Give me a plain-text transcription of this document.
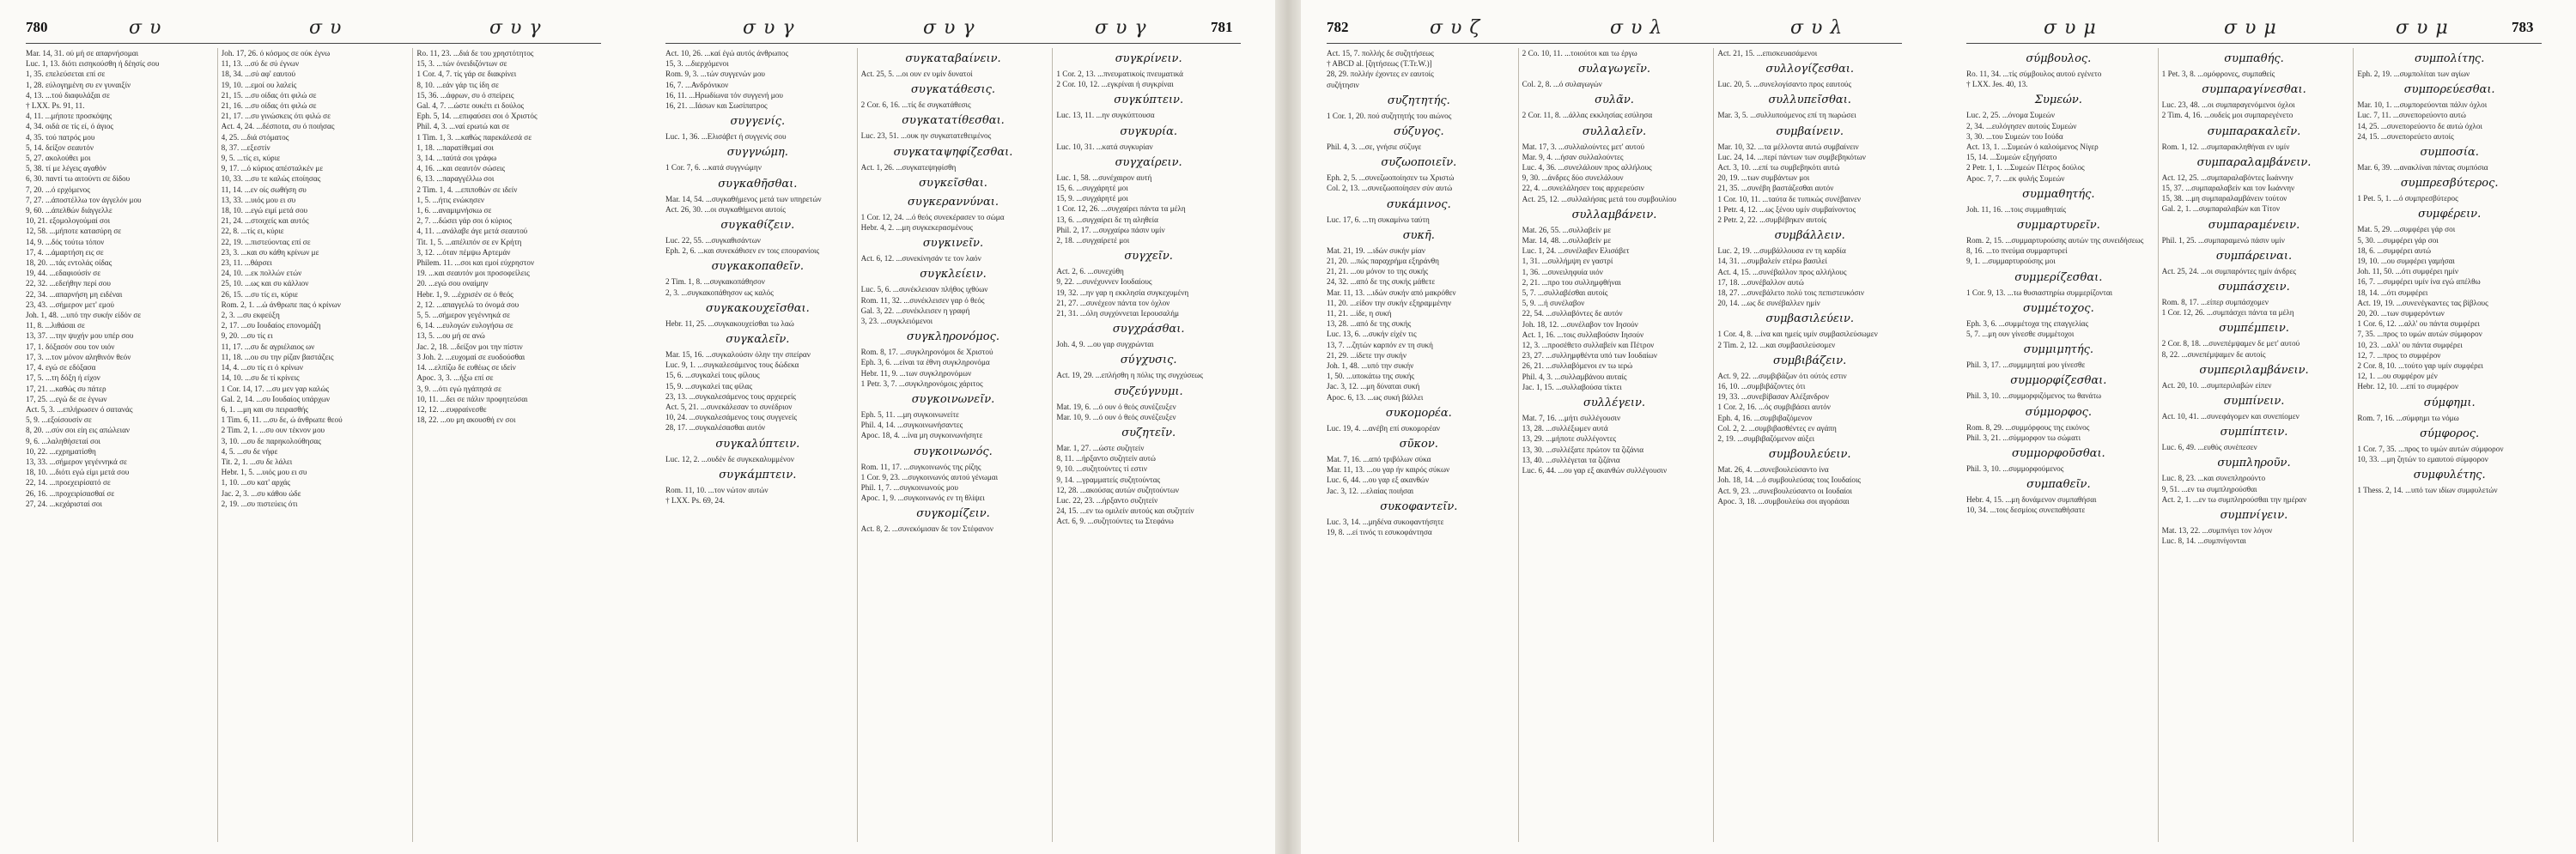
780	σ υ	σ υ	σ υ γ
Mar. 14, 31. ού μή σε απαρνήσομαι
Luc. 1, 13. διότι εισηκούσθη ή δέησίς σου
1, 35. επελεύσεται επί σε
1, 28. εύλογημένη συ εν γυναιξίν
4, 13. ...τού διαφυλάξαι σε
† LXX. Ps. 91, 11.
4, 11. ...μήποτε προσκόψης
4, 34. οιδά σε τίς εί, ό άγιος
4, 35. τού πατρός μου
5, 14. δείξον σεαυτόν
5, 27. ακολούθει μοι
5, 38. τί με λέγεις αγαθόν
6, 30. παντί τω αιτούντι σε δίδου
7, 20. ...ό ερχόμενος
7, 27. ...άποστέλλω τον άγγελόν μου
9, 60. ...άπελθών διάγγελλε
10, 21. εξομολογούμαί σοι
12, 58. ...μήποτε κατασύρη σε
14, 9. ...δός τούτω τόπον
17, 4. ...άμαρτήση εις σε
18, 20. ...τάς εντολάς οίδας
19, 44. ...εδαφιούσίν σε
22, 32. ...εδεήθην περί σου
22, 34. ...απαρνήση μη ειδέναι
23, 43. ...σήμερον μετ' εμού
Joh. 1, 48. ...υπό την συκήν είδόν σε
11, 8. ...λιθάσαι σε
13, 37. ...την ψυχήν μου υπέρ σου
17, 1. δόξασόν σου τον υιόν
17, 3. ...τον μόνον αληθινόν θεόν
17, 4. εγώ σε εδόξασα
17, 5. ...τη δόξη ή είχον
17, 21. ...καθώς συ πάτερ
17, 25. ...εγώ δε σε έγνων
Act. 5, 3. ...επλήρωσεν ό σατανάς
5, 9. ...εξοίσουσίν σε
8, 20. ...σύν σοι είη εις απώλειαν
9, 6. ...λαληθήσεταί σοι
10, 22. ...εχρηματίσθη
13, 33. ...σήμερον γεγέννηκά σε
18, 10. ...διότι εγώ είμι μετά σου
22, 14. ...προεχειρίσατό σε
26, 16. ...προχειρίσασθαί σε
27, 24. ...κεχάρισταί σοι
Joh. 17, 26. ό κόσμος σε ούκ έγνω
11, 13. ...σύ δε σύ έγνων
18, 34. ...σύ αφ' εαυτού
19, 10. ...εμοί ου λαλείς
21, 15. ...συ οίδας ότι φιλώ σε
21, 16. ...συ οίδας ότι φιλώ σε
21, 17. ...συ γινώσκεις ότι φιλώ σε
Act. 4, 24. ...δέσποτα, συ ό ποιήσας
4, 25. ...διά στόματος
8, 37. ...εξεστίν
9, 5. ...τίς ει, κύριε
9, 17. ...ό κύριος απέσταλκέν με
10, 33. ...συ τε καλώς εποίησας
11, 14. ...εν οίς σωθήση συ
13, 33. ...υιός μου ει συ
18, 10. ...εγώ ειμί μετά σου
21, 24. ...στοιχείς και αυτός
22, 8. ...τίς ει, κύριε
22, 19. ...πιστεύοντας επί σε
23, 3. ...και συ κάθη κρίνων με
23, 11. ...θάρσει
24, 10. ...εκ πολλών ετών
25, 10. ...ως και συ κάλλιον
26, 15. ...συ τίς ει, κύριε
Rom. 2, 1. ...ώ άνθρωπε πας ό κρίνων
2, 3. ...συ εκφεύξη
2, 17. ...συ Ιουδαίος επονομάζη
9, 20. ...συ τίς ει
11, 17. ...συ δε αγριέλαιος ων
11, 18. ...ου συ την ρίζαν βαστάζεις
14, 4. ...συ τίς ει ό κρίνων
14, 10. ...συ δε τί κρίνεις
1 Cor. 14, 17. ...συ μεν γαρ καλώς
Gal. 2, 14. ...συ Ιουδαίος υπάρχων
6, 1. ...μη και συ πειρασθής
1 Tim. 6, 11. ...συ δε, ώ άνθρωπε θεού
2 Tim. 2, 1. ...συ ουν τέκνον μου
3, 10. ...συ δε παρηκολούθησας
4, 5. ...συ δε νήφε
Tit. 2, 1. ...συ δε λάλει
Hebr. 1, 5. ...υιός μου ει συ
1, 10. ...συ κατ' αρχάς
Jac. 2, 3. ...συ κάθου ώδε
2, 19. ...συ πιστεύεις ότι
Ro. 11, 23. ...διά δε του χρηστότητος
15, 3. ...τών όνειδιζόντων σε
1 Cor. 4, 7. τίς γάρ σε διακρίνει
8, 10. ...εάν γάρ τις ίδη σε
15, 36. ...άφρων, συ ό σπείρεις
Gal. 4, 7. ...ώστε ουκέτι ει δούλος
Eph. 5, 14. ...επιφαύσει σοι ό Χριστός
Phil. 4, 3. ...ναί ερωτώ και σε
1 Tim. 1, 3. ...καθώς παρεκάλεσά σε
1, 18. ...παρατίθεμαί σοι
3, 14. ...ταύτά σοι γράφω
4, 16. ...και σεαυτόν σώσεις
6, 13. ...παραγγέλλω σοι
2 Tim. 1, 4. ...επιποθών σε ιδείν
1, 5. ...ήτις ενώκησεν
1, 6. ...αναμιμνήσκω σε
2, 7. ...δώσει γάρ σοι ό κύριος
4, 11. ...ανάλαβε άγε μετά σεαυτού
Tit. 1, 5. ...απέλιπόν σε εν Κρήτη
3, 12. ...όταν πέμψω Αρτεμάν
Philem. 11. ...σοι και εμοί εύχρηστον
19. ...και σεαυτόν μοι προσοφείλεις
20. ...εγώ σου οναίμην
Hebr. 1, 9. ...έχρισέν σε ό θεός
2, 12. ...απαγγελώ το όνομά σου
5, 5. ...σήμερον γεγέννηκά σε
6, 14. ...ευλογών ευλογήσω σε
13, 5. ...ου μή σε ανώ
Jac. 2, 18. ...δείξον μοι την πίστιν
3 Joh. 2. ...ευχομαί σε ευοδούσθαι
14. ...ελπίζω δε ευθέως σε ιδείν
Apoc. 3, 3. ...ήξω επί σε
3, 9. ...ότι εγώ ηγάπησά σε
10, 11. ...δει σε πάλιν προφητεύσαι
12, 12. ...ευφραίνεσθε
18, 22. ...ου μη ακουσθή εν σοι
σ υ γ	σ υ γ	σ υ γ	781
Act. 10, 26. ...καί έγώ αυτός άνθρωπος
15, 3. ...διερχόμενοι
Rom. 9, 3. ...τών συγγενών μου
16, 7. ...Ανδρόνικον
16, 11. ...Ηρωδίωνα τόν συγγενή μου
16, 21. ...Ιάσων και Σωσίπατρος
συγγενίς.
Luc. 1, 36. ...Ελισάβετ ή συγγενίς σου
συγγνώμη.
1 Cor. 7, 6. ...κατά συγγνώμην
συγκαθῆσθαι.
Mar. 14, 54. ...συγκαθήμενος μετά των υπηρετών
Act. 26, 30. ...οι συγκαθήμενοι αυτοίς
συγκαθίζειν.
Luc. 22, 55. ...συγκαθισάντων
Eph. 2, 6. ...και συνεκάθισεν εν τοις επουρανίοις
συγκακοπαθεῖν.
2 Tim. 1, 8. ...συγκακοπάθησον
2, 3. ...συγκακοπάθησον ως καλός
συγκακουχεῖσθαι.
Hebr. 11, 25. ...συγκακουχείσθαι τω λαώ
συγκαλεῖν.
Mar. 15, 16. ...συγκαλούσιν όλην την σπείραν
Luc. 9, 1. ...συγκαλεσάμενος τους δώδεκα
15, 6. ...συγκαλεί τους φίλους
15, 9. ...συγκαλεί τας φίλας
23, 13. ...συγκαλεσάμενος τους αρχιερείς
Act. 5, 21. ...συνεκάλεσαν το συνέδριον
10, 24. ...συγκαλεσάμενος τους συγγενείς
28, 17. ...συγκαλέσασθαι αυτόν
συγκαλύπτειν.
Luc. 12, 2. ...ουδέν δε συγκεκαλυμμένον
συγκάμπτειν.
Rom. 11, 10. ...τον νώτον αυτών
† LXX. Ps. 69, 24.
συγκαταβαίνειν.
Act. 25, 5. ...οι ουν εν υμίν δυνατοί
συγκατάθεσις.
2 Cor. 6, 16. ...τίς δε συγκατάθεσις
συγκατατίθεσθαι.
Luc. 23, 51. ...ουκ ην συγκατατεθειμένος
συγκαταψηφίζεσθαι.
Act. 1, 26. ...συγκατεψηφίσθη
συγκεῖσθαι.
συγκεραννύναι.
1 Cor. 12, 24. ...ό θεός συνεκέρασεν το σώμα
Hebr. 4, 2. ...μη συγκεκερασμένους
συγκινεῖν.
Act. 6, 12. ...συνεκίνησάν τε τον λαόν
συγκλείειν.
Luc. 5, 6. ...συνέκλεισαν πλήθος ιχθύων
Rom. 11, 32. ...συνέκλεισεν γαρ ό θεός
Gal. 3, 22. ...συνέκλεισεν η γραφή
3, 23. ...συγκλειόμενοι
συγκληρονόμος.
Rom. 8, 17. ...συγκληρονόμοι δε Χριστού
Eph. 3, 6. ...είναι τα έθνη συγκληρονόμα
Hebr. 11, 9. ...των συγκληρονόμων
1 Petr. 3, 7. ...συγκληρονόμοις χάριτος
συγκοινωνεῖν.
Eph. 5, 11. ...μη συγκοινωνείτε
Phil. 4, 14. ...συγκοινωνήσαντες
Apoc. 18, 4. ...ίνα μη συγκοινωνήσητε
συγκοινωνός.
Rom. 11, 17. ...συγκοινωνός της ρίζης
1 Cor. 9, 23. ...συγκοινωνός αυτού γένωμαι
Phil. 1, 7. ...συγκοινωνούς μου
Apoc. 1, 9. ...συγκοινωνός εν τη θλίψει
συγκομίζειν.
Act. 8, 2. ...συνεκόμισαν δε τον Στέφανον
συγκρίνειν.
1 Cor. 2, 13. ...πνευματικοίς πνευματικά
2 Cor. 10, 12. ...εγκρίναι ή συγκρίναι
συγκύπτειν.
Luc. 13, 11. ...ην συγκύπτουσα
συγκυρία.
Luc. 10, 31. ...κατά συγκυρίαν
συγχαίρειν.
Luc. 1, 58. ...συνέχαιρον αυτή
15, 6. ...συγχάρητέ μοι
15, 9. ...συγχάρητέ μοι
1 Cor. 12, 26. ...συγχαίρει πάντα τα μέλη
13, 6. ...συγχαίρει δε τη αληθεία
Phil. 2, 17. ...συγχαίρω πάσιν υμίν
2, 18. ...συγχαίρετέ μοι
συγχεῖν.
Act. 2, 6. ...συνεχύθη
9, 22. ...συνέχυννεν Ιουδαίους
19, 32. ...ην γαρ η εκκλησία συγκεχυμένη
21, 27. ...συνέχεον πάντα τον όχλον
21, 31. ...όλη συγχύννεται Ιερουσαλήμ
συγχράσθαι.
Joh. 4, 9. ...ου γαρ συγχρώνται
σύγχυσις.
Act. 19, 29. ...επλήσθη η πόλις της συγχύσεως
συζεύγνυμι.
Mat. 19, 6. ...ό ουν ό θεός συνέζευξεν
Mar. 10, 9. ...ό ουν ό θεός συνέζευξεν
συζητεῖν.
Mar. 1, 27. ...ώστε συζητείν
8, 11. ...ήρξαντο συζητείν αυτώ
9, 10. ...συζητούντες τί εστιν
9, 14. ...γραμματείς συζητούντας
12, 28. ...ακούσας αυτών συζητούντων
Luc. 22, 23. ...ήρξαντο συζητείν
24, 15. ...εν τω ομιλείν αυτούς και συζητείν
Act. 6, 9. ...συζητούντες τω Στεφάνω
782	σ υ ζ	σ υ λ	σ υ λ
Act. 15, 7. πολλής δε συζητήσεως
† ABCD al. [ζητήσεως (T.Tr.W.)]
28, 29. πολλήν έχοντες εν εαυτοίς
συζήτησιν
συζητητής.
1 Cor. 1, 20. πού συζητητής του αιώνος
σύζυγος.
Phil. 4, 3. ...σε, γνήσιε σύζυγε
συζωοποιεῖν.
Eph. 2, 5. ...συνεζωοποίησεν τω Χριστώ
Col. 2, 13. ...συνεζωοποίησεν σύν αυτώ
συκάμινος.
Luc. 17, 6. ...τη συκαμίνω ταύτη
συκῆ.
Mat. 21, 19. ...ιδών συκήν μίαν
21, 20. ...πώς παραχρήμα εξηράνθη
21, 21. ...ου μόνον το της συκής
24, 32. ...από δε της συκής μάθετε
Mar. 11, 13. ...ιδών συκήν από μακρόθεν
11, 20. ...είδον την συκήν εξηραμμένην
11, 21. ...ίδε, η συκή
13, 28. ...από δε της συκής
Luc. 13, 6. ...συκήν είχέν τις
13, 7. ...ζητών καρπόν εν τη συκή
21, 29. ...ίδετε την συκήν
Joh. 1, 48. ...υπό την συκήν
1, 50. ...υποκάτω της συκής
Jac. 3, 12. ...μη δύναται συκή
Apoc. 6, 13. ...ως συκή βάλλει
συκομορέα.
Luc. 19, 4. ...ανέβη επί συκομορέαν
σῦκον.
Mat. 7, 16. ...από τριβόλων σύκα
Mar. 11, 13. ...ου γαρ ήν καιρός σύκων
Luc. 6, 44. ...ου γαρ εξ ακανθών
Jac. 3, 12. ...ελαίας ποιήσαι
συκοφαντεῖν.
Luc. 3, 14. ...μηδένα συκοφαντήσητε
19, 8. ...εί τινός τι εσυκοφάντησα
2 Co. 10, 11. ...τοιούτοι και τω έργω
συλαγωγεῖν.
Col. 2, 8. ...ό συλαγωγών
συλᾶν.
2 Cor. 11, 8. ...άλλας εκκλησίας εσύλησα
συλλαλεῖν.
Mat. 17, 3. ...συλλαλούντες μετ' αυτού
Mar. 9, 4. ...ήσαν συλλαλούντες
Luc. 4, 36. ...συνελάλουν προς αλλήλους
9, 30. ...άνδρες δύο συνελάλουν
22, 4. ...συνελάλησεν τοις αρχιερεύσιν
Act. 25, 12. ...συλλαλήσας μετά του συμβουλίου
συλλαμβάνειν.
Mat. 26, 55. ...συλλαβείν με
Mar. 14, 48. ...συλλαβείν με
Luc. 1, 24. ...συνέλαβεν Ελισάβετ
1, 31. ...συλλήμψη εν γαστρί
1, 36. ...συνειληφυία υιόν
2, 21. ...προ του συλλημφθήναι
5, 7. ...συλλαβέσθαι αυτοίς
5, 9. ...ή συνέλαβον
22, 54. ...συλλαβόντες δε αυτόν
Joh. 18, 12. ...συνέλαβον τον Ιησούν
Act. 1, 16. ...τοις συλλαβούσιν Ιησούν
12, 3. ...προσέθετο συλλαβείν και Πέτρον
23, 27. ...συλλημφθέντα υπό των Ιουδαίων
26, 21. ...συλλαβόμενοι εν τω ιερώ
Phil. 4, 3. ...συλλαμβάνου αυταίς
Jac. 1, 15. ...συλλαβούσα τίκτει
συλλέγειν.
Mat. 7, 16. ...μήτι συλλέγουσιν
13, 28. ...συλλέξωμεν αυτά
13, 29. ...μήποτε συλλέγοντες
13, 30. ...συλλέξατε πρώτον τα ζιζάνια
13, 40. ...συλλέγεται τα ζιζάνια
Luc. 6, 44. ...ου γαρ εξ ακανθών συλλέγουσιν
Act. 21, 15. ...επισκευασάμενοι
συλλογίζεσθαι.
Luc. 20, 5. ...συνελογίσαντο προς εαυτούς
συλλυπεῖσθαι.
Mar. 3, 5. ...συλλυπούμενος επί τη πωρώσει
συμβαίνειν.
Mar. 10, 32. ...τα μέλλοντα αυτώ συμβαίνειν
Luc. 24, 14. ...περί πάντων των συμβεβηκότων
Act. 3, 10. ...επί τω συμβεβηκότι αυτώ
20, 19. ...των συμβάντων μοι
21, 35. ...συνέβη βαστάζεσθαι αυτόν
1 Cor. 10, 11. ...ταύτα δε τυπικώς συνέβαινεν
1 Petr. 4, 12. ...ως ξένου υμίν συμβαίνοντος
2 Petr. 2, 22. ...συμβέβηκεν αυτοίς
συμβάλλειν.
Luc. 2, 19. ...συμβάλλουσα εν τη καρδία
14, 31. ...συμβαλείν ετέρω βασιλεί
Act. 4, 15. ...συνέβαλλον προς αλλήλους
17, 18. ...συνέβαλλον αυτώ
18, 27. ...συνεβάλετο πολύ τοις πεπιστευκόσιν
20, 14. ...ως δε συνέβαλλεν ημίν
συμβασιλεύειν.
1 Cor. 4, 8. ...ίνα και ημείς υμίν συμβασιλεύσωμεν
2 Tim. 2, 12. ...και συμβασιλεύσομεν
συμβιβάζειν.
Act. 9, 22. ...συμβιβάζων ότι ούτός εστιν
16, 10. ...συμβιβάζοντες ότι
19, 33. ...συνεβίβασαν Αλέξανδρον
1 Cor. 2, 16. ...ός συμβιβάσει αυτόν
Eph. 4, 16. ...συμβιβαζόμενον
Col. 2, 2. ...συμβιβασθέντες εν αγάπη
2, 19. ...συμβιβαζόμενον αύξει
συμβουλεύειν.
Mat. 26, 4. ...συνεβουλεύσαντο ίνα
Joh. 18, 14. ...ό συμβουλεύσας τοις Ιουδαίοις
Act. 9, 23. ...συνεβουλεύσαντο οι Ιουδαίοι
Apoc. 3, 18. ...συμβουλεύω σοι αγοράσαι
σ υ μ	σ υ μ	σ υ μ	783
σύμβουλος.
Ro. 11, 34. ...τίς σύμβουλος αυτού εγένετο
† LXX. Jes. 40, 13.
Συμεών.
Luc. 2, 25. ...όνομα Συμεών
2, 34. ...ευλόγησεν αυτούς Συμεών
3, 30. ...του Συμεών του Ιούδα
Act. 13, 1. ...Συμεών ό καλούμενος Νίγερ
15, 14. ...Συμεών εξηγήσατο
2 Petr. 1, 1. ...Συμεών Πέτρος δούλος
Apoc. 7, 7. ...εκ φυλής Συμεών
συμμαθητής.
Joh. 11, 16. ...τοις συμμαθηταίς
συμμαρτυρεῖν.
Rom. 2, 15. ...συμμαρτυρούσης αυτών της συνειδήσεως
8, 16. ...το πνεύμα συμμαρτυρεί
9, 1. ...συμμαρτυρούσης μοι
συμμερίζεσθαι.
1 Cor. 9, 13. ...τω θυσιαστηρίω συμμερίζονται
συμμέτοχος.
Eph. 3, 6. ...συμμέτοχα της επαγγελίας
5, 7. ...μη ουν γίνεσθε συμμέτοχοι
συμμιμητής.
Phil. 3, 17. ...συμμιμηταί μου γίνεσθε
συμμορφίζεσθαι.
Phil. 3, 10. ...συμμορφιζόμενος τω θανάτω
σύμμορφος.
Rom. 8, 29. ...συμμόρφους της εικόνος
Phil. 3, 21. ...σύμμορφον τω σώματι
συμμορφοῦσθαι.
Phil. 3, 10. ...συμμορφούμενος
συμπαθεῖν.
Hebr. 4, 15. ...μη δυνάμενον συμπαθήσαι
10, 34. ...τοις δεσμίοις συνεπαθήσατε
συμπαθής.
1 Pet. 3, 8. ...ομόφρονες, συμπαθείς
συμπαραγίνεσθαι.
Luc. 23, 48. ...οι συμπαραγενόμενοι όχλοι
2 Tim. 4, 16. ...ουδείς μοι συμπαρεγένετο
συμπαρακαλεῖν.
Rom. 1, 12. ...συμπαρακληθήναι εν υμίν
συμπαραλαμβάνειν.
Act. 12, 25. ...συμπαραλαβόντες Ιωάννην
15, 37. ...συμπαραλαβείν και τον Ιωάννην
15, 38. ...μη συμπαραλαμβάνειν τούτον
Gal. 2, 1. ...συμπαραλαβών και Τίτον
συμπαραμένειν.
Phil. 1, 25. ...συμπαραμενώ πάσιν υμίν
συμπάρειναι.
Act. 25, 24. ...οι συμπαρόντες ημίν άνδρες
συμπάσχειν.
Rom. 8, 17. ...είπερ συμπάσχομεν
1 Cor. 12, 26. ...συμπάσχει πάντα τα μέλη
συμπέμπειν.
2 Cor. 8, 18. ...συνεπέμψαμεν δε μετ' αυτού
8, 22. ...συνεπέμψαμεν δε αυτοίς
συμπεριλαμβάνειν.
Act. 20, 10. ...συμπεριλαβών είπεν
συμπίνειν.
Act. 10, 41. ...συνεφάγομεν και συνεπίομεν
συμπίπτειν.
Luc. 6, 49. ...ευθύς συνέπεσεν
συμπληροῦν.
Luc. 8, 23. ...και συνεπληρούντο
9, 51. ...εν τω συμπληρούσθαι
Act. 2, 1. ...εν τω συμπληρούσθαι την ημέραν
συμπνίγειν.
Mat. 13, 22. ...συμπνίγει τον λόγον
Luc. 8, 14. ...συμπνίγονται
συμπολίτης.
Eph. 2, 19. ...συμπολίται των αγίων
συμπορεύεσθαι.
Mar. 10, 1. ...συμπορεύονται πάλιν όχλοι
Luc. 7, 11. ...συνεπορεύοντο αυτώ
14, 25. ...συνεπορεύοντο δε αυτώ όχλοι
24, 15. ...συνεπορεύετο αυτοίς
συμποσία.
Mar. 6, 39. ...ανακλίναι πάντας συμπόσια
συμπρεσβύτερος.
1 Pet. 5, 1. ...ό συμπρεσβύτερος
συμφέρειν.
Mat. 5, 29. ...συμφέρει γάρ σοι
5, 30. ...συμφέρει γάρ σοι
18, 6. ...συμφέρει αυτώ
19, 10. ...ου συμφέρει γαμήσαι
Joh. 11, 50. ...ότι συμφέρει ημίν
16, 7. ...συμφέρει υμίν ίνα εγώ απέλθω
18, 14. ...ότι συμφέρει
Act. 19, 19. ...συνενέγκαντες τας βίβλους
20, 20. ...των συμφερόντων
1 Cor. 6, 12. ...αλλ' ου πάντα συμφέρει
7, 35. ...προς το υμών αυτών σύμφορον
10, 23. ...αλλ' ου πάντα συμφέρει
12, 7. ...προς το συμφέρον
2 Cor. 8, 10. ...τούτο γαρ υμίν συμφέρει
12, 1. ...ου συμφέρον μέν
Hebr. 12, 10. ...επί το συμφέρον
σύμφημι.
Rom. 7, 16. ...σύμφημι τω νόμω
σύμφορος.
1 Cor. 7, 35. ...προς το υμών αυτών σύμφορον
10, 33. ...μη ζητών το εμαυτού σύμφορον
συμφυλέτης.
1 Thess. 2, 14. ...υπό των ιδίων συμφυλετών
